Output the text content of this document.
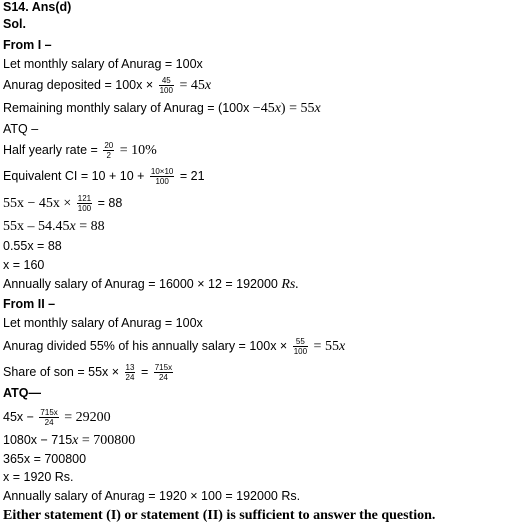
S14. Ans(d)
Sol.
From I –
Let monthly salary of Anurag = 100x
Anurag deposited = $100x \times \frac{45}{100} = 45x$
Remaining monthly salary of Anurag = (100x −45x) = 55x
ATQ –
Half yearly rate = $\frac{20}{2} = 10\%$
Equivalent CI = $10 + 10 + \frac{10\times 10}{100} = 21$
$55x - 45x \times \frac{121}{100} = 88$
55x – 54.45x = 88
0.55x = 88
x = 160
Annually salary of Anurag = 16000 × 12 = 192000 Rs.
From II –
Let monthly salary of Anurag = 100x
Anurag divided 55% of his annually salary = $100x \times \frac{55}{100} = 55x$
Share of son = $55x \times \frac{13}{24} = \frac{715x}{24}$
ATQ—
$45x - \frac{715x}{24} = 29200$
1080x − 715x = 700800
365x = 700800
x = 1920 Rs.
Annually salary of Anurag = 1920 × 100 = 192000 Rs.
Either statement (I) or statement (II) is sufficient to answer the question.
